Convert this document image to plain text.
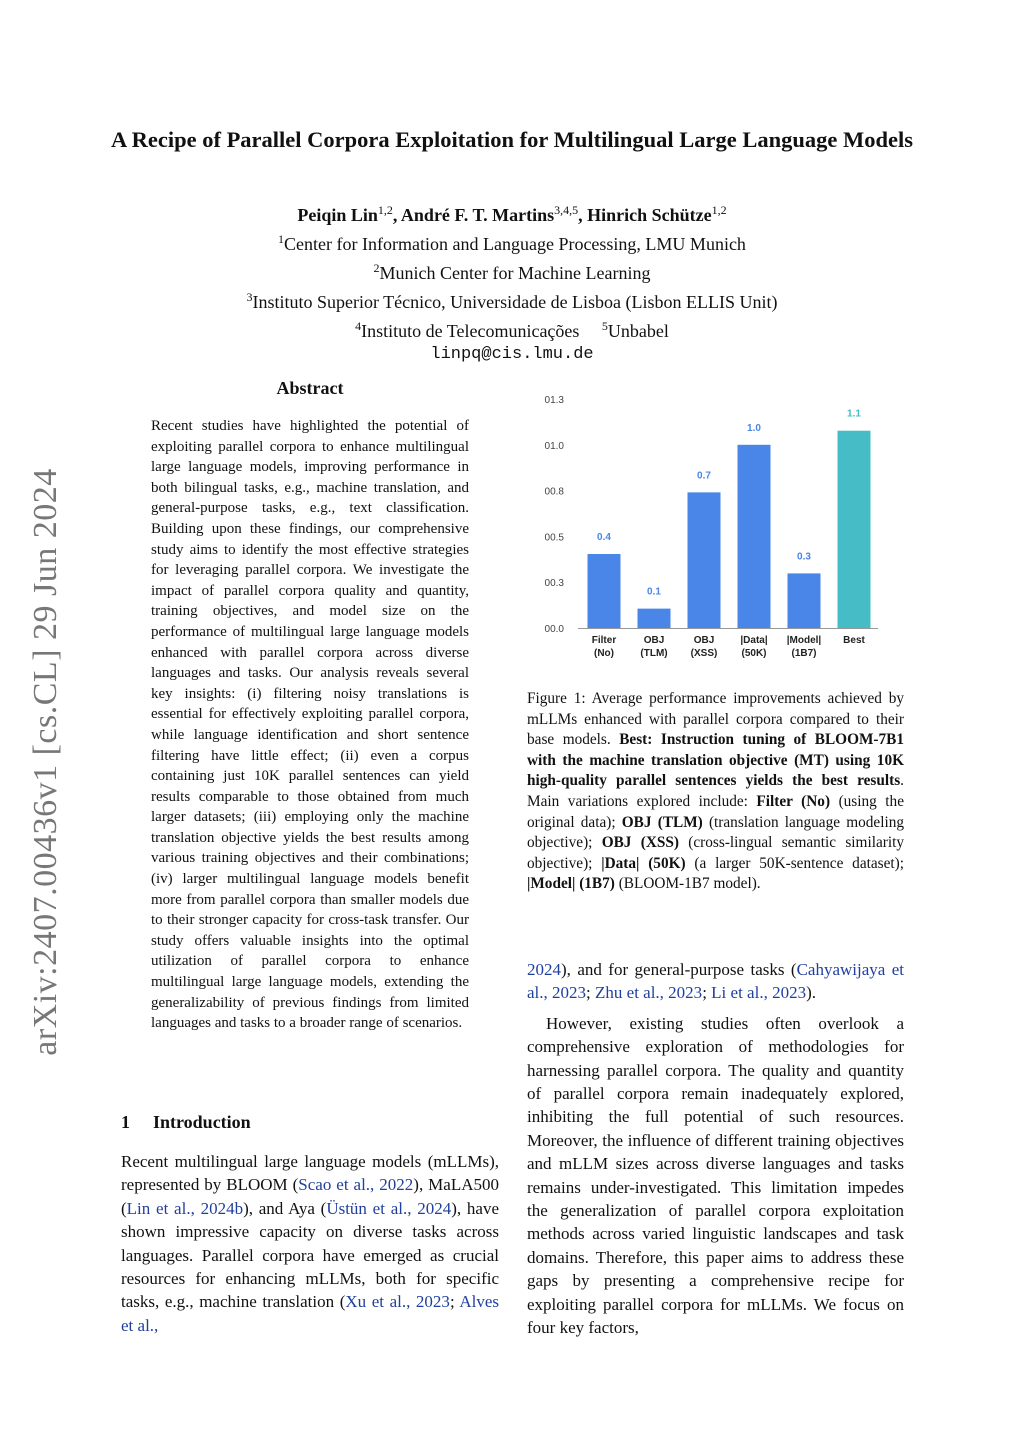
arXiv:2407.00436v1 [cs.CL] 29 Jun 2024
A Recipe of Parallel Corpora Exploitation for Multilingual Large Language Models
Peiqin Lin$^{1,2}$, André F. T. Martins$^{3,4,5}$, Hinrich Schütze$^{1,2}$
$^1$Center for Information and Language Processing, LMU Munich
$^2$Munich Center for Machine Learning
$^3$Instituto Superior Técnico, Universidade de Lisboa (Lisbon ELLIS Unit)
$^4$Instituto de Telecomunicações $^5$Unbabel
linpq@cis.lmu.de
Abstract
Recent studies have highlighted the potential of exploiting parallel corpora to enhance multilingual large language models, improving performance in both bilingual tasks, e.g., machine translation, and general-purpose tasks, e.g., text classification. Building upon these findings, our comprehensive study aims to identify the most effective strategies for leveraging parallel corpora. We investigate the impact of parallel corpora quality and quantity, training objectives, and model size on the performance of multilingual large language models enhanced with parallel corpora across diverse languages and tasks. Our analysis reveals several key insights: (i) filtering noisy translations is essential for effectively exploiting parallel corpora, while language identification and short sentence filtering have little effect; (ii) even a corpus containing just 10K parallel sentences can yield results comparable to those obtained from much larger datasets; (iii) employing only the machine translation objective yields the best results among various training objectives and their combinations; (iv) larger multilingual language models benefit more from parallel corpora than smaller models due to their stronger capacity for cross-task transfer. Our study offers valuable insights into the optimal utilization of parallel corpora to enhance multilingual large language models, extending the generalizability of previous findings from limited languages and tasks to a broader range of scenarios.
1 Introduction
Recent multilingual large language models (mLLMs), represented by BLOOM (Scao et al., 2022), MaLA500 (Lin et al., 2024b), and Aya (Üstün et al., 2024), have shown impressive capacity on diverse tasks across languages. Parallel corpora have emerged as crucial resources for enhancing mLLMs, both for specific tasks, e.g., machine translation (Xu et al., 2023; Alves et al.,
00.0
00.3
00.5
00.8
01.0
01.3
0.4
Filter
(No)
0.1
OBJ
(TLM)
0.7
OBJ
(XSS)
1.0
|Data|
(50K)
0.3
|Model|
(1B7)
1.1
Best
Figure 1: Average performance improvements achieved by mLLMs enhanced with parallel corpora compared to their base models. Best: Instruction tuning of BLOOM-7B1 with the machine translation objective (MT) using 10K high-quality parallel sentences yields the best results. Main variations explored include: Filter (No) (using the original data); OBJ (TLM) (translation language modeling objective); OBJ (XSS) (cross-lingual semantic similarity objective); |Data| (50K) (a larger 50K-sentence dataset); |Model| (1B7) (BLOOM-1B7 model).

2024), and for general-purpose tasks (Cahyawijaya et al., 2023; Zhu et al., 2023; Li et al., 2023).

However, existing studies often overlook a comprehensive exploration of methodologies for harnessing parallel corpora. The quality and quantity of parallel corpora remain inadequately explored, inhibiting the full potential of such resources. Moreover, the influence of different training objectives and mLLM sizes across diverse languages and tasks remains under-investigated. This limitation impedes the generalization of parallel corpora exploitation methods across varied linguistic landscapes and task domains. Therefore, this paper aims to address these gaps by presenting a comprehensive recipe for exploiting parallel corpora for mLLMs. We focus on four key factors,
